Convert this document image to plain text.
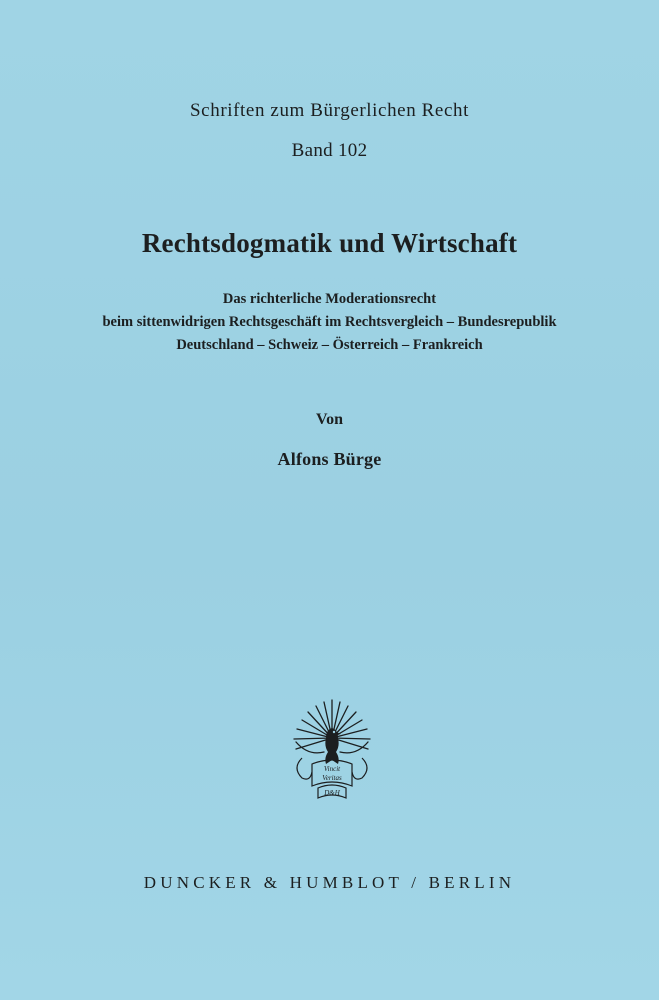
Schriften zum Bürgerlichen Recht
Band 102
Rechtsdogmatik und Wirtschaft
Das richterliche Moderationsrecht
beim sittenwidrigen Rechtsgeschäft im Rechtsvergleich – Bundesrepublik
Deutschland – Schweiz – Österreich – Frankreich
Von
Alfons Bürge
Vincit
Veritas
D&H
DUNCKER & HUMBLOT / BERLIN
